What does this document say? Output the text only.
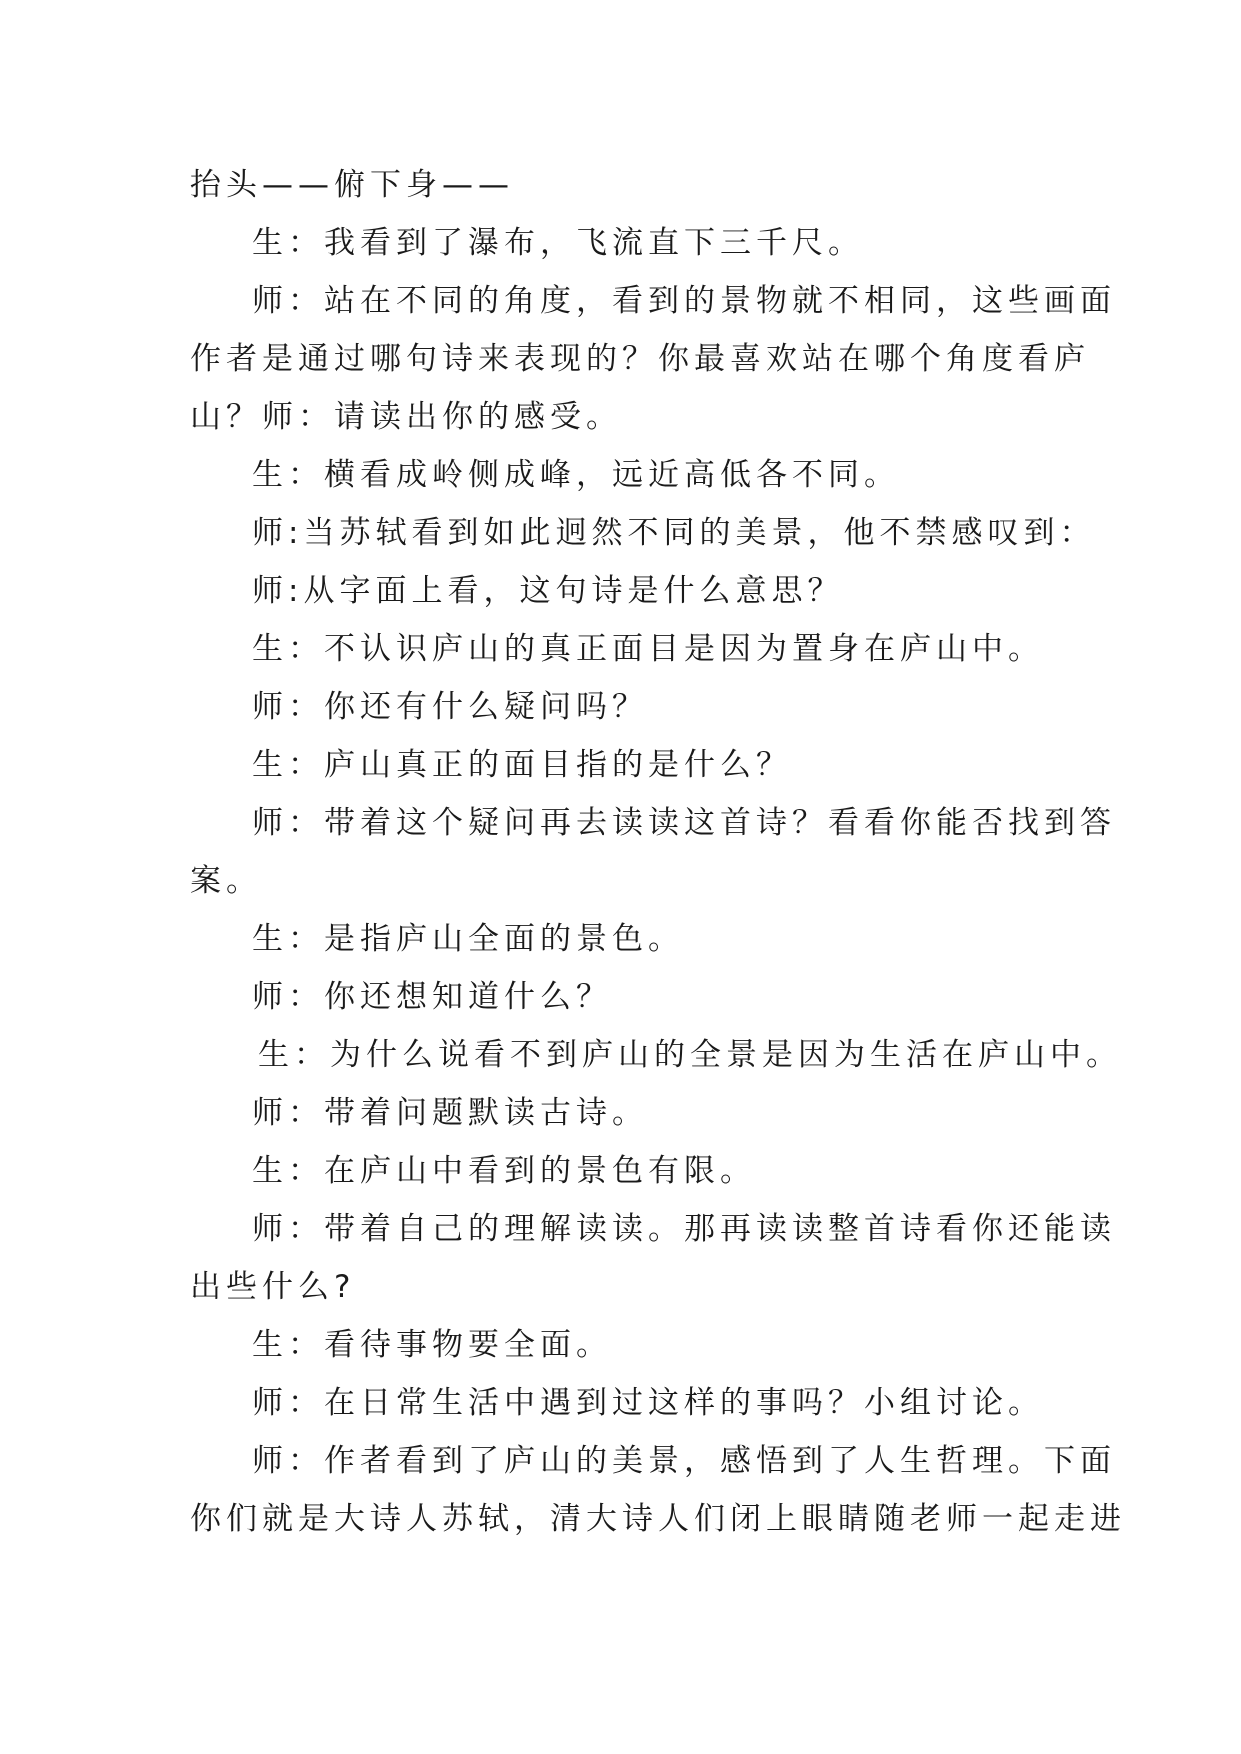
抬头——俯下身——
生：我看到了瀑布，飞流直下三千尺。
师：站在不同的角度，看到的景物就不相同，这些画面
作者是通过哪句诗来表现的？你最喜欢站在哪个角度看庐
山？师：请读出你的感受。
生：横看成岭侧成峰，远近高低各不同。
师:当苏轼看到如此迥然不同的美景，他不禁感叹到：
师:从字面上看，这句诗是什么意思？
生：不认识庐山的真正面目是因为置身在庐山中。
师：你还有什么疑问吗？
生：庐山真正的面目指的是什么？
师：带着这个疑问再去读读这首诗？看看你能否找到答
案。
生：是指庐山全面的景色。
师：你还想知道什么？
生：为什么说看不到庐山的全景是因为生活在庐山中。
师：带着问题默读古诗。
生：在庐山中看到的景色有限。
师：带着自己的理解读读。那再读读整首诗看你还能读
出些什么?
生：看待事物要全面。
师：在日常生活中遇到过这样的事吗？小组讨论。
师：作者看到了庐山的美景，感悟到了人生哲理。下面
你们就是大诗人苏轼，清大诗人们闭上眼睛随老师一起走进
